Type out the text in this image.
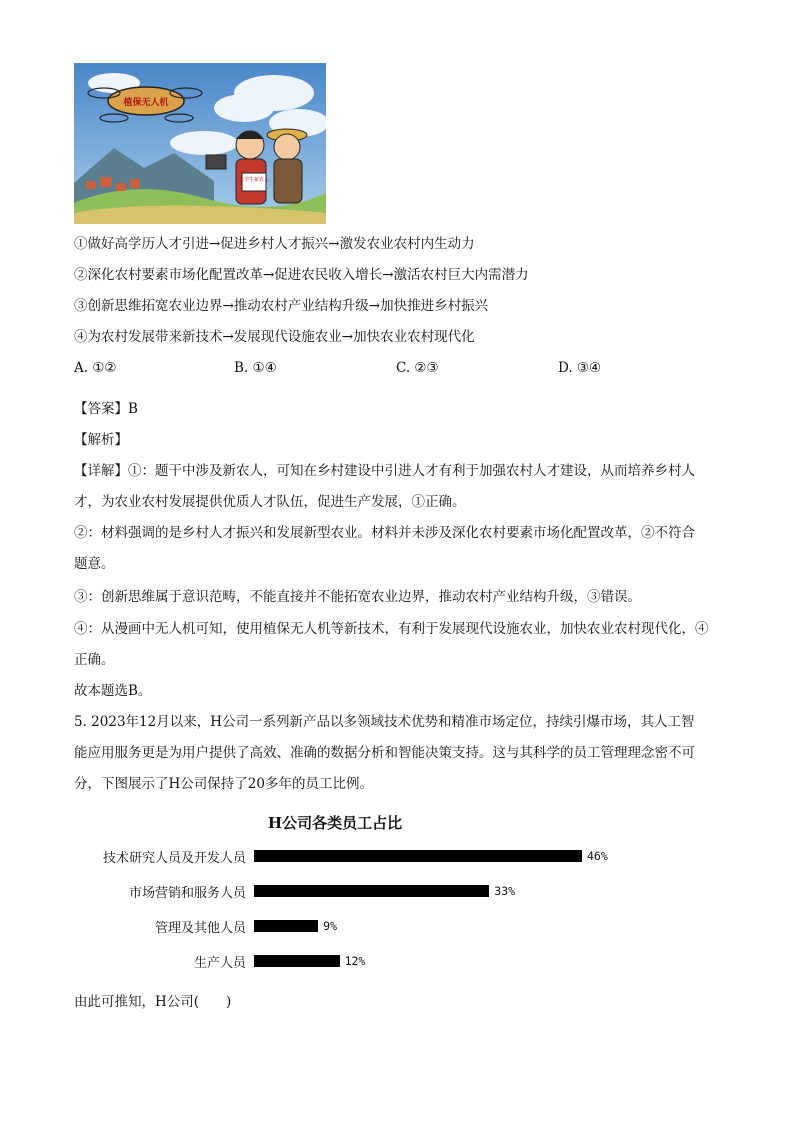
植保无人机
大学生新农人
①做好高学历人才引进→促进乡村人才振兴→激发农业农村内生动力
②深化农村要素市场化配置改革→促进农民收入增长→激活农村巨大内需潜力
③创新思维拓宽农业边界→推动农村产业结构升级→加快推进乡村振兴
④为农村发展带来新技术→发展现代设施农业→加快农业农村现代化
A. ①②	B. ①④	C. ②③	D. ③④
【答案】B
【解析】
【详解】①：题干中涉及新农人，可知在乡村建设中引进人才有利于加强农村人才建设，从而培养乡村人
才，为农业农村发展提供优质人才队伍，促进生产发展，①正确。
②：材料强调的是乡村人才振兴和发展新型农业。材料并未涉及深化农村要素市场化配置改革，②不符合
题意。
③：创新思维属于意识范畴，不能直接并不能拓宽农业边界，推动农村产业结构升级，③错误。
④：从漫画中无人机可知，使用植保无人机等新技术，有利于发展现代设施农业，加快农业农村现代化，④
正确。
故本题选B。
5. 2023年12月以来，H公司一系列新产品以多领域技术优势和精准市场定位，持续引爆市场，其人工智
能应用服务更是为用户提供了高效、准确的数据分析和智能决策支持。这与其科学的员工管理理念密不可
分，下图展示了H公司保持了20多年的员工比例。
H公司各类员工占比
技术研究人员及开发人员	46%
市场营销和服务人员	33%
管理及其他人员	9%
生产人员	12%
由此可推知，H公司(　　)
